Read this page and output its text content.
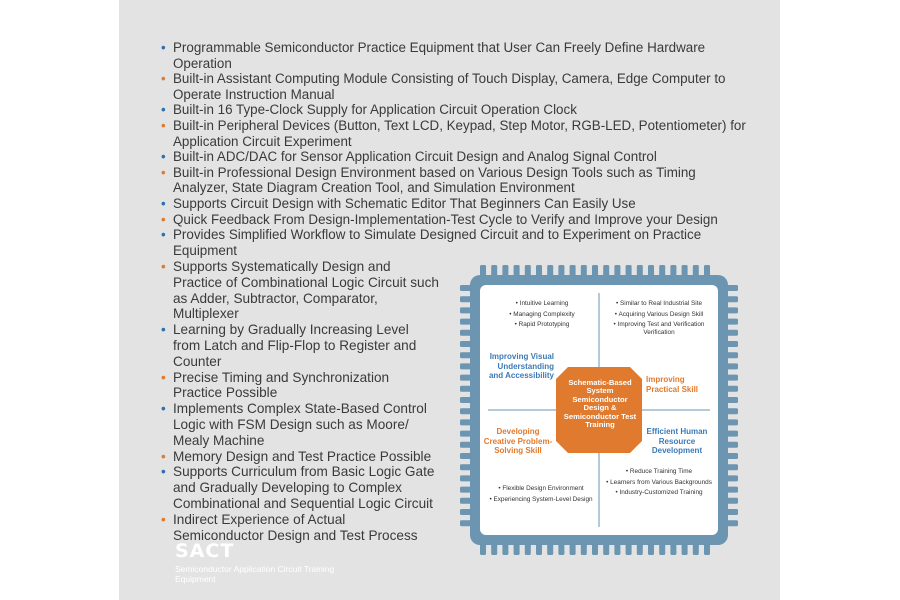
• Programmable Semiconductor Practice Equipment that User Can Freely Define Hardware Operation
• Built-in Assistant Computing Module Consisting of Touch Display, Camera, Edge Computer to Operate Instruction Manual
• Built-in 16 Type-Clock Supply for Application Circuit Operation Clock
• Built-in Peripheral Devices (Button, Text LCD, Keypad, Step Motor, RGB-LED, Potentiometer) for Application Circuit Experiment
• Built-in ADC/DAC for Sensor Application Circuit Design and Analog Signal Control
• Built-in Professional Design Environment based on Various Design Tools such as Timing Analyzer, State Diagram Creation Tool, and Simulation Environment
• Supports Circuit Design with Schematic Editor That Beginners Can Easily Use
• Quick Feedback From Design-Implementation-Test Cycle to Verify and Improve your Design
• Provides Simplified Workflow to Simulate Designed Circuit and to Experiment on Practice Equipment
• Supports Systematically Design and Practice of Combinational Logic Circuit such as Adder, Subtractor, Comparator, Multiplexer
• Learning by Gradually Increasing Level from Latch and Flip-Flop to Register and Counter
• Precise Timing and Synchronization Practice Possible
• Implements Complex State-Based Control Logic with FSM Design such as Moore/ Mealy Machine
• Memory Design and Test Practice Possible
• Supports Curriculum from Basic Logic Gate and Gradually Developing to Complex Combinational and Sequential Logic Circuit
• Indirect Experience of Actual Semiconductor Design and Test Process
SACT
Semiconductor Application Circuit Training Equipment
Schematic-Based System Semiconductor Design & Semiconductor Test Training
• Intuitive Learning
• Managing Complexity
• Rapid Prototyping
Improving Visual Understanding and Accessibility
• Similar to Real Industrial Site
• Acquiring Various Design Skill
• Improving Test and Verification
Verification
Improving Practical Skill
Developing Creative Problem-Solving Skill
• Flexible Design Environment
• Experiencing System-Level Design
Efficient Human Resource Development
• Reduce Training Time
• Learners from Various Backgrounds
• Industry-Customized Training
